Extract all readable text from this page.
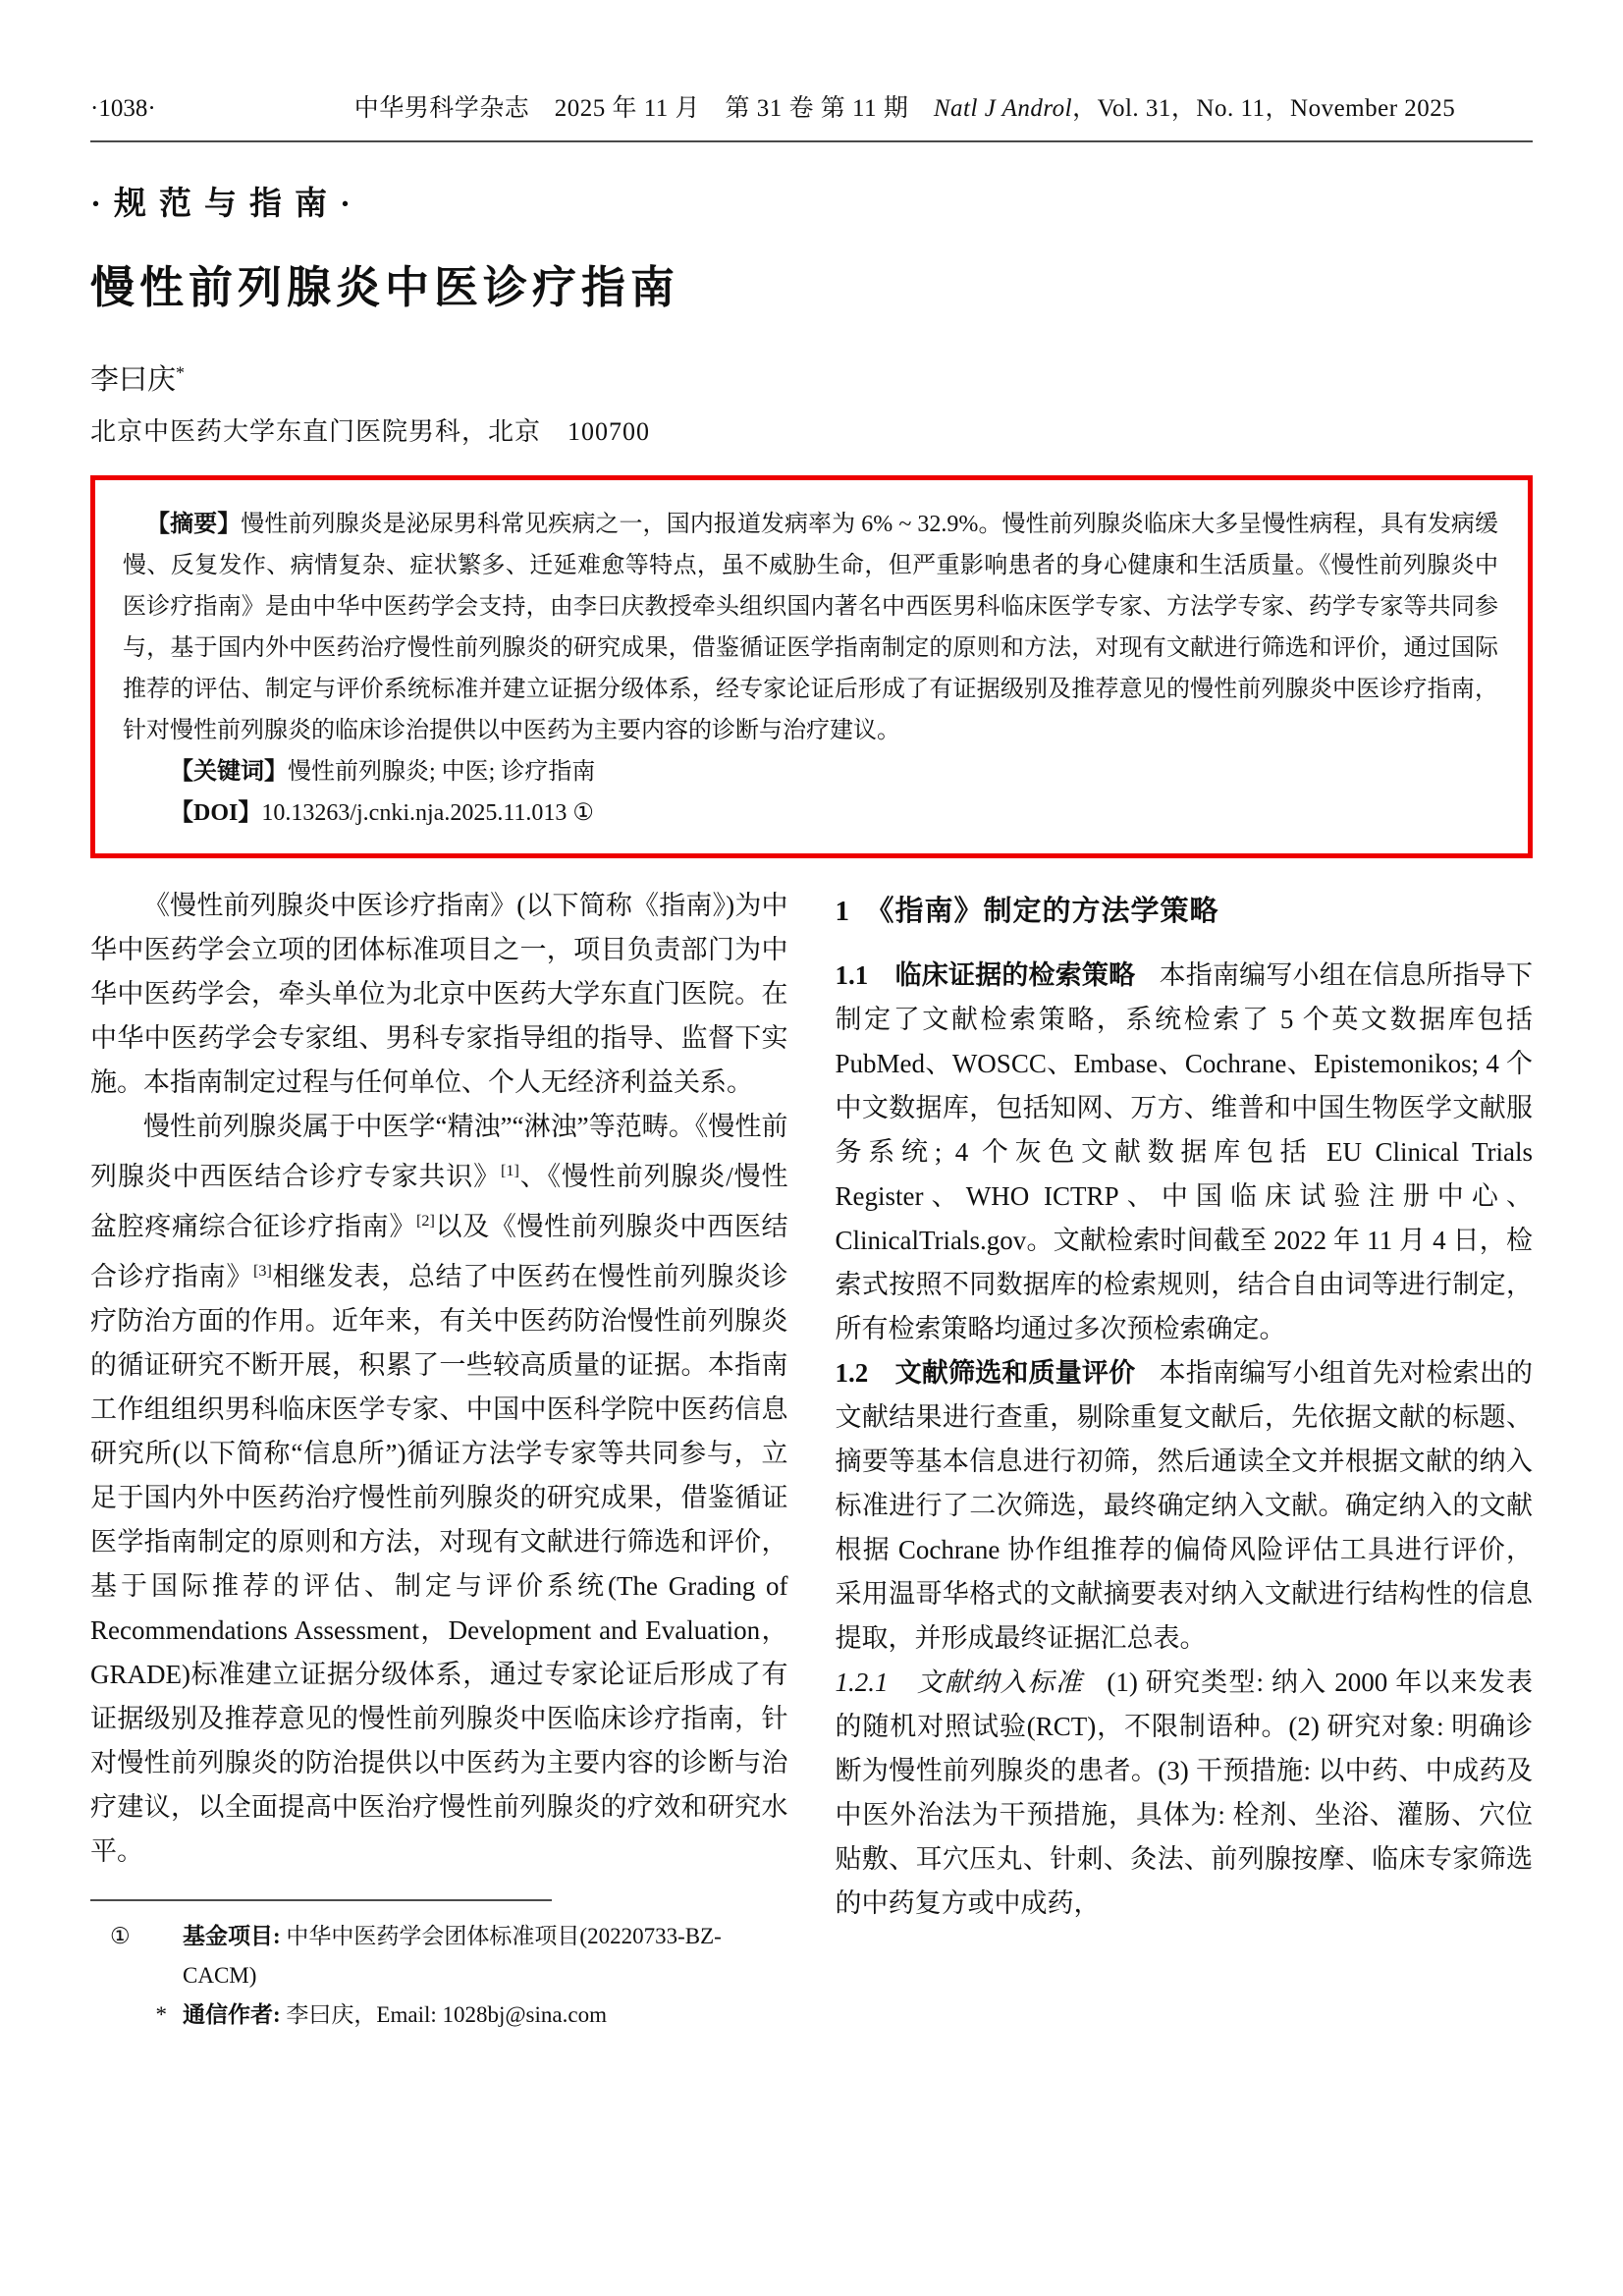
·1038·	中华男科学杂志　2025 年 11 月　第 31 卷 第 11 期　Natl J Androl，Vol. 31，No. 11，November 2025
·规范与指南·
慢性前列腺炎中医诊疗指南
李曰庆*
北京中医药大学东直门医院男科，北京　100700

【摘要】慢性前列腺炎是泌尿男科常见疾病之一，国内报道发病率为 6% ~ 32.9%。慢性前列腺炎临床大多呈慢性病程，具有发病缓慢、反复发作、病情复杂、症状繁多、迁延难愈等特点，虽不威胁生命，但严重影响患者的身心健康和生活质量。《慢性前列腺炎中医诊疗指南》是由中华中医药学会支持，由李曰庆教授牵头组织国内著名中西医男科临床医学专家、方法学专家、药学专家等共同参与，基于国内外中医药治疗慢性前列腺炎的研究成果，借鉴循证医学指南制定的原则和方法，对现有文献进行筛选和评价，通过国际推荐的评估、制定与评价系统标准并建立证据分级体系，经专家论证后形成了有证据级别及推荐意见的慢性前列腺炎中医诊疗指南，针对慢性前列腺炎的临床诊治提供以中医药为主要内容的诊断与治疗建议。

【关键词】慢性前列腺炎; 中医; 诊疗指南

【DOI】10.13263/j.cnki.nja.2025.11.013 ①

《慢性前列腺炎中医诊疗指南》(以下简称《指南》)为中华中医药学会立项的团体标准项目之一，项目负责部门为中华中医药学会，牵头单位为北京中医药大学东直门医院。在中华中医药学会专家组、男科专家指导组的指导、监督下实施。本指南制定过程与任何单位、个人无经济利益关系。

慢性前列腺炎属于中医学“精浊”“淋浊”等范畴。《慢性前列腺炎中西医结合诊疗专家共识》[1]、《慢性前列腺炎/慢性盆腔疼痛综合征诊疗指南》[2]以及《慢性前列腺炎中西医结合诊疗指南》[3]相继发表，总结了中医药在慢性前列腺炎诊疗防治方面的作用。近年来，有关中医药防治慢性前列腺炎的循证研究不断开展，积累了一些较高质量的证据。本指南工作组组织男科临床医学专家、中国中医科学院中医药信息研究所(以下简称“信息所”)循证方法学专家等共同参与，立足于国内外中医药治疗慢性前列腺炎的研究成果，借鉴循证医学指南制定的原则和方法，对现有文献进行筛选和评价，基于国际推荐的评估、制定与评价系统(The Grading of Recommendations Assessment，Development and Evaluation，GRADE)标准建立证据分级体系，通过专家论证后形成了有证据级别及推荐意见的慢性前列腺炎中医临床诊疗指南，针对慢性前列腺炎的防治提供以中医药为主要内容的诊断与治疗建议，以全面提高中医治疗慢性前列腺炎的疗效和研究水平。

①	基金项目: 中华中医药学会团体标准项目(20220733-BZ-CACM)
* 通信作者: 李曰庆，Email: 1028bj@sina.com
1　《指南》制定的方法学策略

1.1　临床证据的检索策略 本指南编写小组在信息所指导下制定了文献检索策略，系统检索了 5 个英文数据库包括 PubMed、WOSCC、Embase、Cochrane、Epistemonikos; 4 个中文数据库，包括知网、万方、维普和中国生物医学文献服务系统; 4 个灰色文献数据库包括 EU Clinical Trials Register、WHO ICTRP、中国临床试验注册中心、ClinicalTrials.gov。文献检索时间截至 2022 年 11 月 4 日，检索式按照不同数据库的检索规则，结合自由词等进行制定，所有检索策略均通过多次预检索确定。

1.2　文献筛选和质量评价 本指南编写小组首先对检索出的文献结果进行查重，剔除重复文献后，先依据文献的标题、摘要等基本信息进行初筛，然后通读全文并根据文献的纳入标准进行了二次筛选，最终确定纳入文献。确定纳入的文献根据 Cochrane 协作组推荐的偏倚风险评估工具进行评价，采用温哥华格式的文献摘要表对纳入文献进行结构性的信息提取，并形成最终证据汇总表。

1.2.1　文献纳入标准 (1) 研究类型: 纳入 2000 年以来发表的随机对照试验(RCT)，不限制语种。(2) 研究对象: 明确诊断为慢性前列腺炎的患者。(3) 干预措施: 以中药、中成药及中医外治法为干预措施，具体为: 栓剂、坐浴、灌肠、穴位贴敷、耳穴压丸、针刺、灸法、前列腺按摩、临床专家筛选的中药复方或中成药，
